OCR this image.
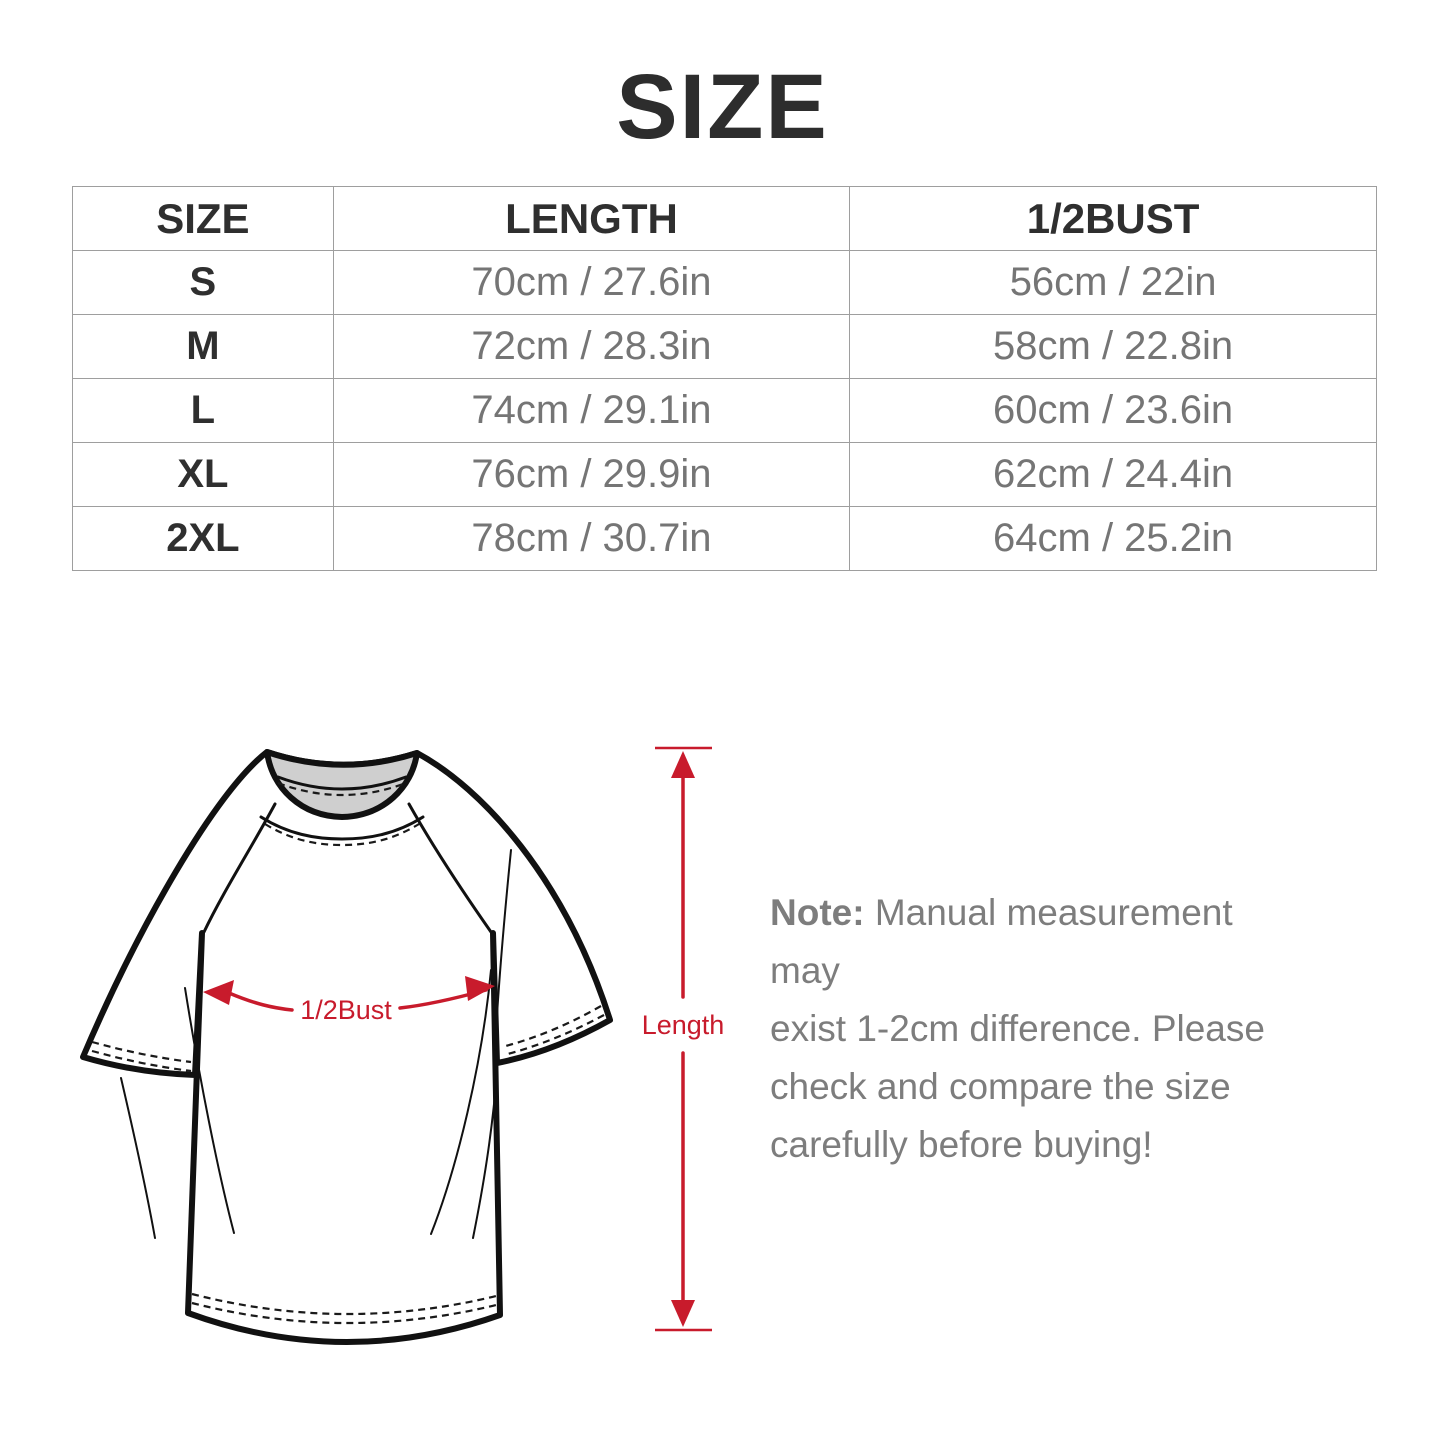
SIZE
SIZE	LENGTH	1/2BUST
S	70cm / 27.6in	56cm / 22in
M	72cm / 28.3in	58cm / 22.8in
L	74cm / 29.1in	60cm / 23.6in
XL	76cm / 29.9in	62cm / 24.4in
2XL	78cm / 30.7in	64cm / 25.2in
1/2Bust	Length
Note: Manual measurement may
exist 1-2cm difference. Please
check and compare the size
carefully before buying!
